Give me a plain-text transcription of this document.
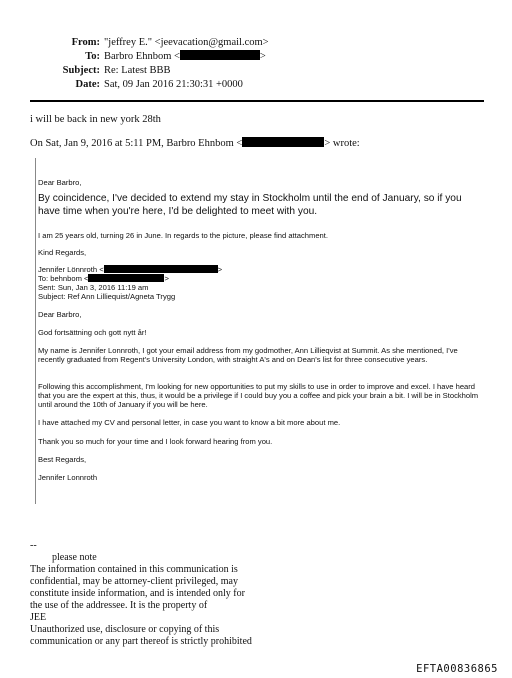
From: "jeffrey E." <jeevacation@gmail.com>
To: Barbro Ehnbom <	>
Subject: Re: Latest BBB
Date: Sat, 09 Jan 2016 21:30:31 +0000
i will be back in new york 28th
On Sat, Jan 9, 2016 at 5:11 PM, Barbro Ehnbom <	> wrote:
Dear Barbro,
By coincidence, I've decided to extend my stay in Stockholm until the end of January, so if you have time when you're here, I'd be delighted to meet with you.
I am 25 years old, turning 26 in June. In regards to the picture, please find attachment.
Kind Regards,
Jennifer Lönnroth <	>
To: behnbom <	>
Sent: Sun, Jan 3, 2016 11:19 am
Subject: Ref Ann Lilliequist/Agneta Trygg
Dear Barbro,
God fortsättning och gott nytt år!
My name is Jennifer Lonnroth, I got your email address from my godmother, Ann Lillieqvist at Summit. As she mentioned, I've recently graduated from Regent's University London, with straight A's and on Dean's list for three consecutive years.
Following this accomplishment, I'm looking for new opportunities to put my skills to use in order to improve and excel. I have heard that you are the expert at this, thus, it would be a privilege if I could buy you a coffee and pick your brain a bit. I will be in Stockholm until around the 10th of January if you will be here.
I have attached my CV and personal letter, in case you want to know a bit more about me.
Thank you so much for your time and I look forward hearing from you.
Best Regards,
Jennifer Lonnroth
--
please note
The information contained in this communication is
confidential, may be attorney-client privileged, may
constitute inside information, and is intended only for
the use of the addressee. It is the property of
JEE
Unauthorized use, disclosure or copying of this
communication or any part thereof is strictly prohibited
EFTA00836865
